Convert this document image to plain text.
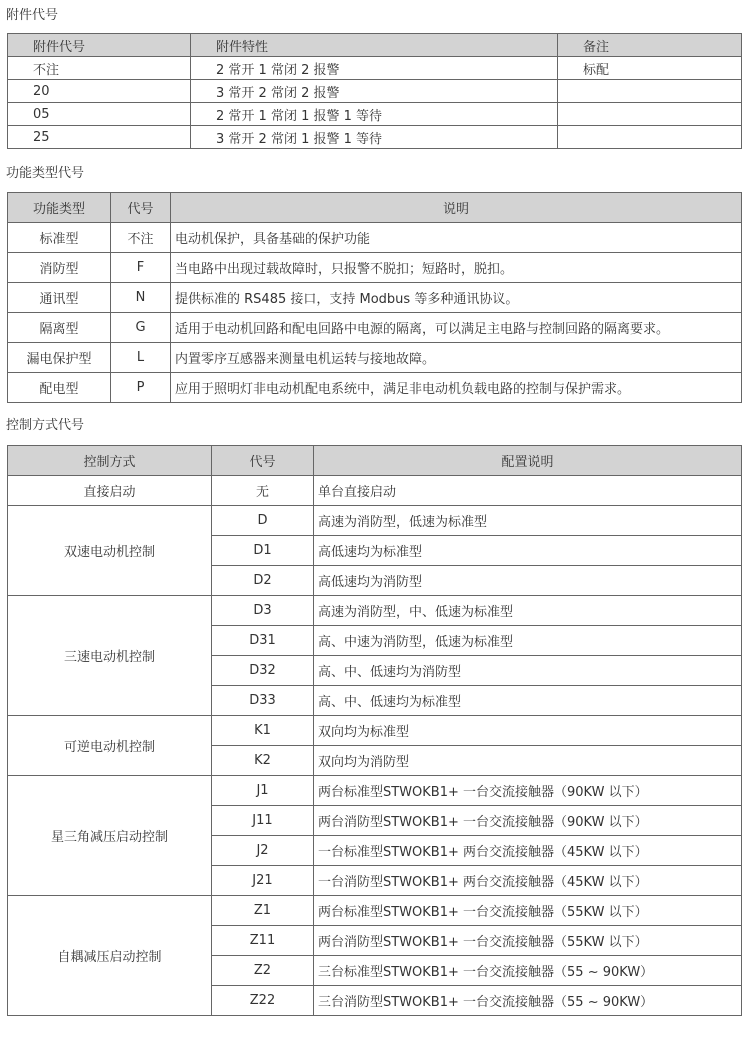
附件代号
附件代号	附件特性	备注
不注	2 常开 1 常闭 2 报警	标配
20	3 常开 2 常闭 2 报警	
05	2 常开 1 常闭 1 报警 1 等待	
25	3 常开 2 常闭 1 报警 1 等待	
功能类型代号
功能类型	代号	说明
标准型	不注	电动机保护，具备基础的保护功能
消防型	F	当电路中出现过载故障时，只报警不脱扣；短路时，脱扣。
通讯型	N	提供标准的 RS485 接口，支持 Modbus 等多种通讯协议。
隔离型	G	适用于电动机回路和配电回路中电源的隔离，可以满足主电路与控制回路的隔离要求。
漏电保护型	L	内置零序互感器来测量电机运转与接地故障。
配电型	P	应用于照明灯非电动机配电系统中，满足非电动机负载电路的控制与保护需求。
控制方式代号
控制方式	代号	配置说明
直接启动	无	单台直接启动
双速电动机控制	D	高速为消防型，低速为标准型
	D1	高低速均为标准型
	D2	高低速均为消防型
三速电动机控制	D3	高速为消防型，中、低速为标准型
	D31	高、中速为消防型，低速为标准型
	D32	高、中、低速均为消防型
	D33	高、中、低速均为标准型
可逆电动机控制	K1	双向均为标准型
	K2	双向均为消防型
星三角减压启动控制	J1	两台标准型STWOKB1+ 一台交流接触器（90KW 以下）
	J11	两台消防型STWOKB1+ 一台交流接触器（90KW 以下）
	J2	一台标准型STWOKB1+ 两台交流接触器（45KW 以下）
	J21	一台消防型STWOKB1+ 两台交流接触器（45KW 以下）
自耦减压启动控制	Z1	两台标准型STWOKB1+ 一台交流接触器（55KW 以下）
	Z11	两台消防型STWOKB1+ 一台交流接触器（55KW 以下）
	Z2	三台标准型STWOKB1+ 一台交流接触器（55 ~ 90KW）
	Z22	三台消防型STWOKB1+ 一台交流接触器（55 ~ 90KW）
